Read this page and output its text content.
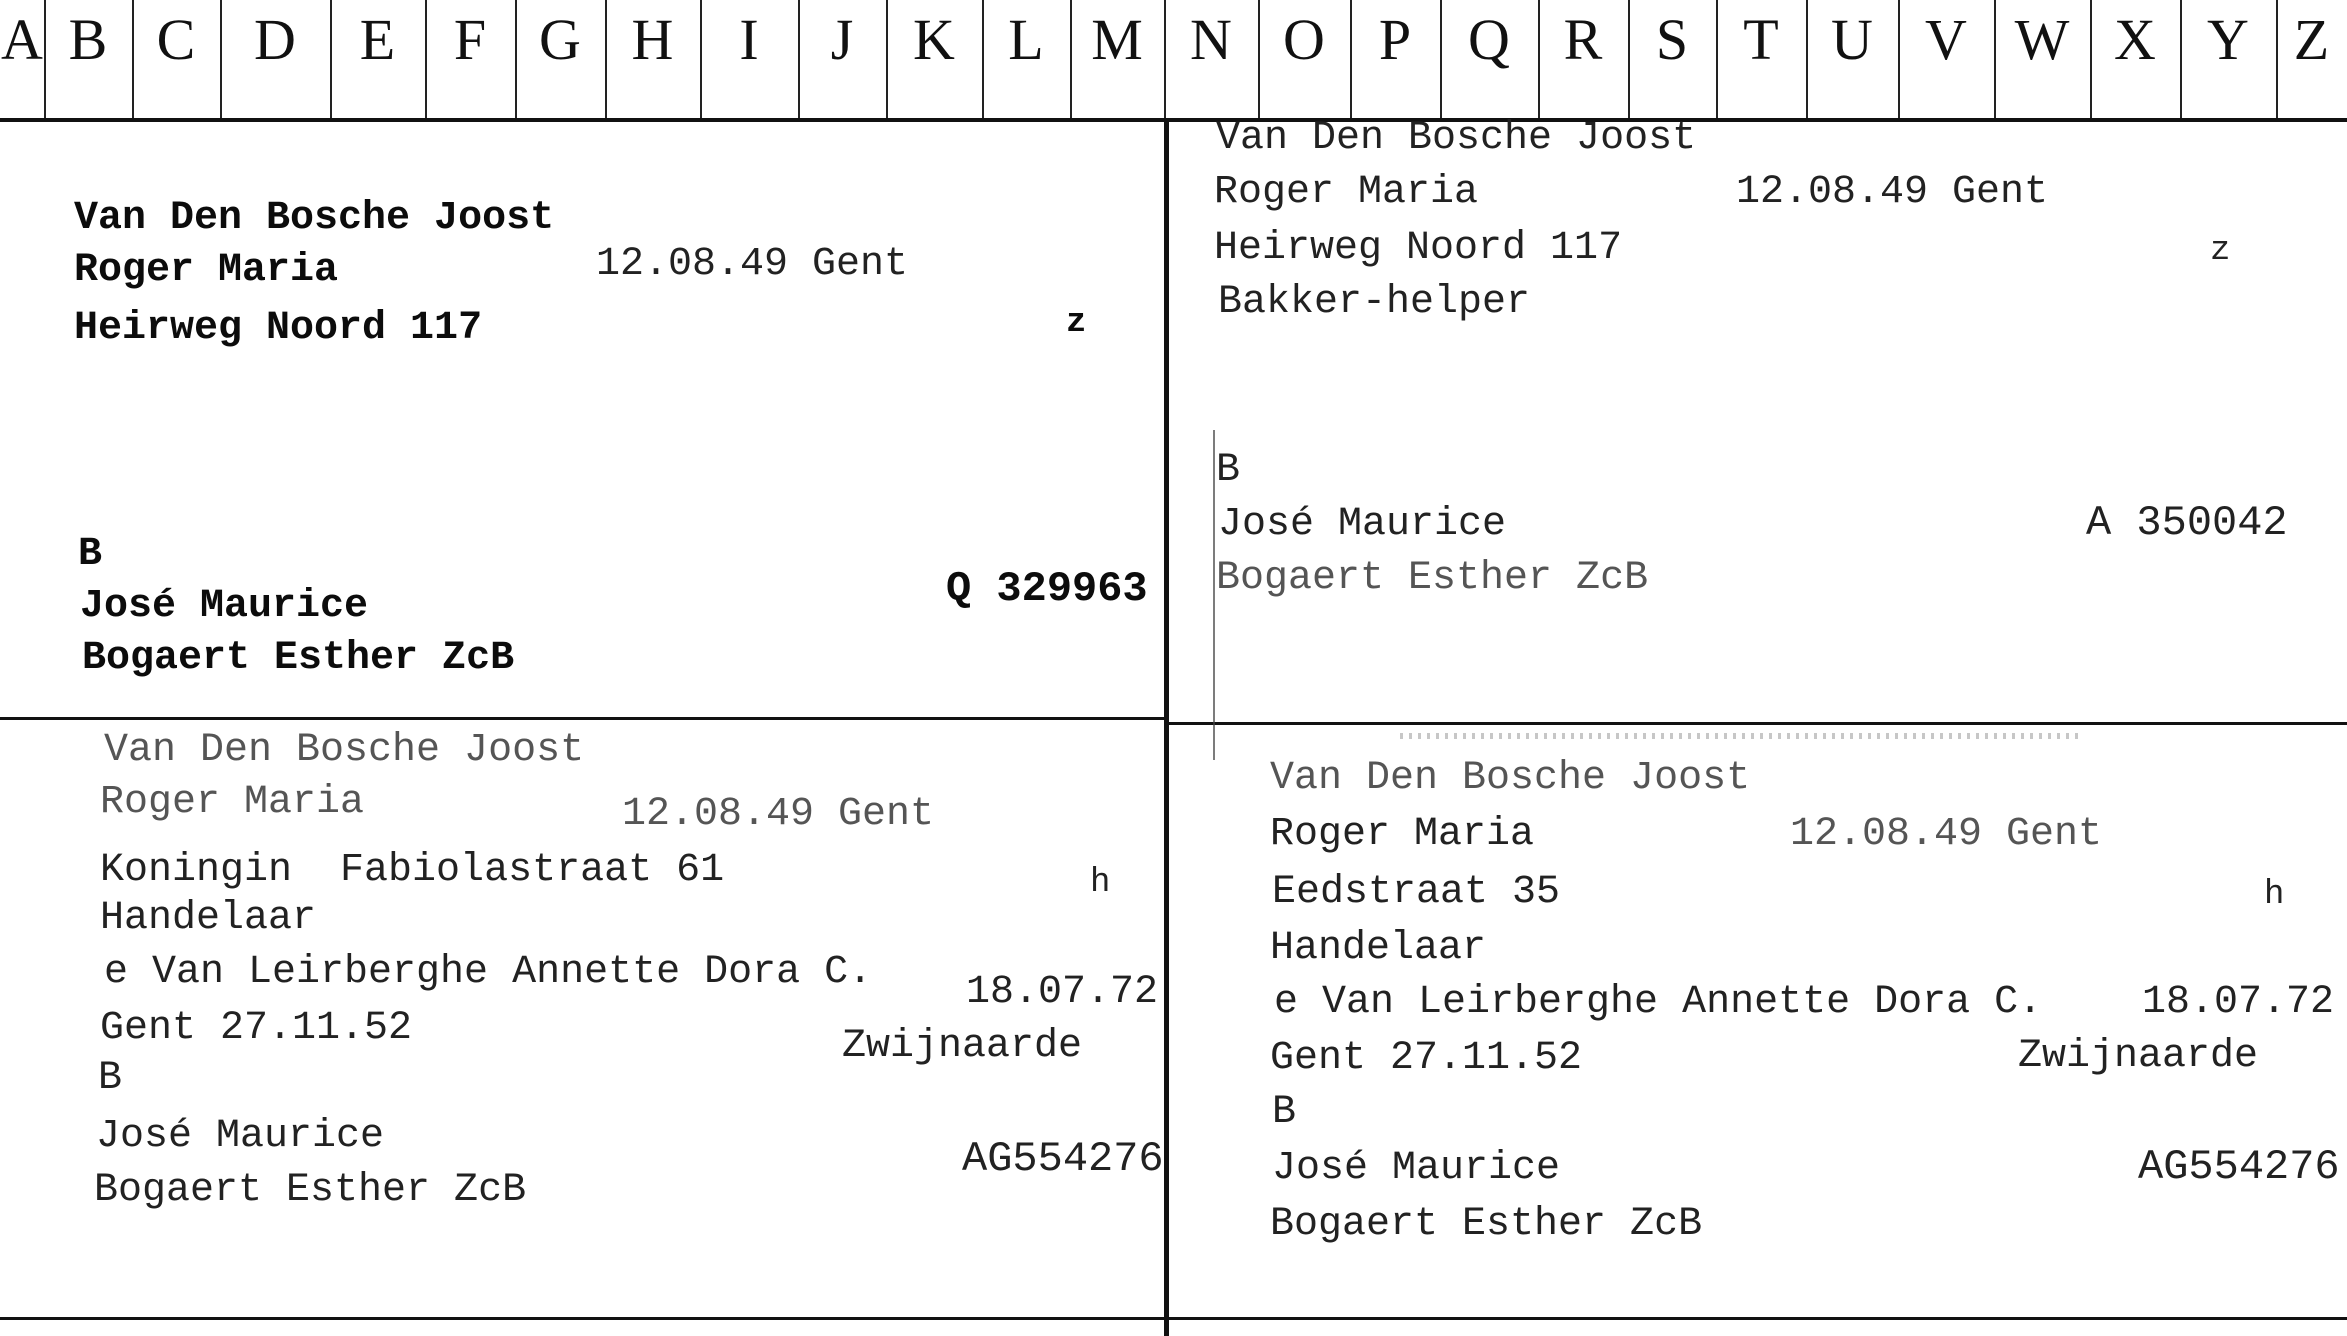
A B C	D	E	F G H	I	J	K L M N O P Q R S T U V W X Y Z
Van Den Bosche Joost
Roger Maria	12.08.49 Gent
Heirweg Noord 117	z
B
José Maurice	Q 329963
Bogaert Esther ZcB
Van Den Bosche Joost
Roger Maria	12.08.49 Gent
Heirweg Noord 117	z
Bakker-helper
B
José Maurice	A 350042
Bogaert Esther ZcB
Van Den Bosche Joost
Roger Maria	12.08.49 Gent
Koningin  Fabiolastraat 61	h
Handelaar
e Van Leirberghe Annette Dora C. 18.07.72
Gent 27.11.52	Zwijnaarde
B
José Maurice	AG554276
Bogaert Esther ZcB
Van Den Bosche Joost
Roger Maria	12.08.49 Gent
Eedstraat 35	h
Handelaar
e Van Leirberghe Annette Dora C. 18.07.72
Gent 27.11.52	Zwijnaarde
B
José Maurice	AG554276
Bogaert Esther ZcB
